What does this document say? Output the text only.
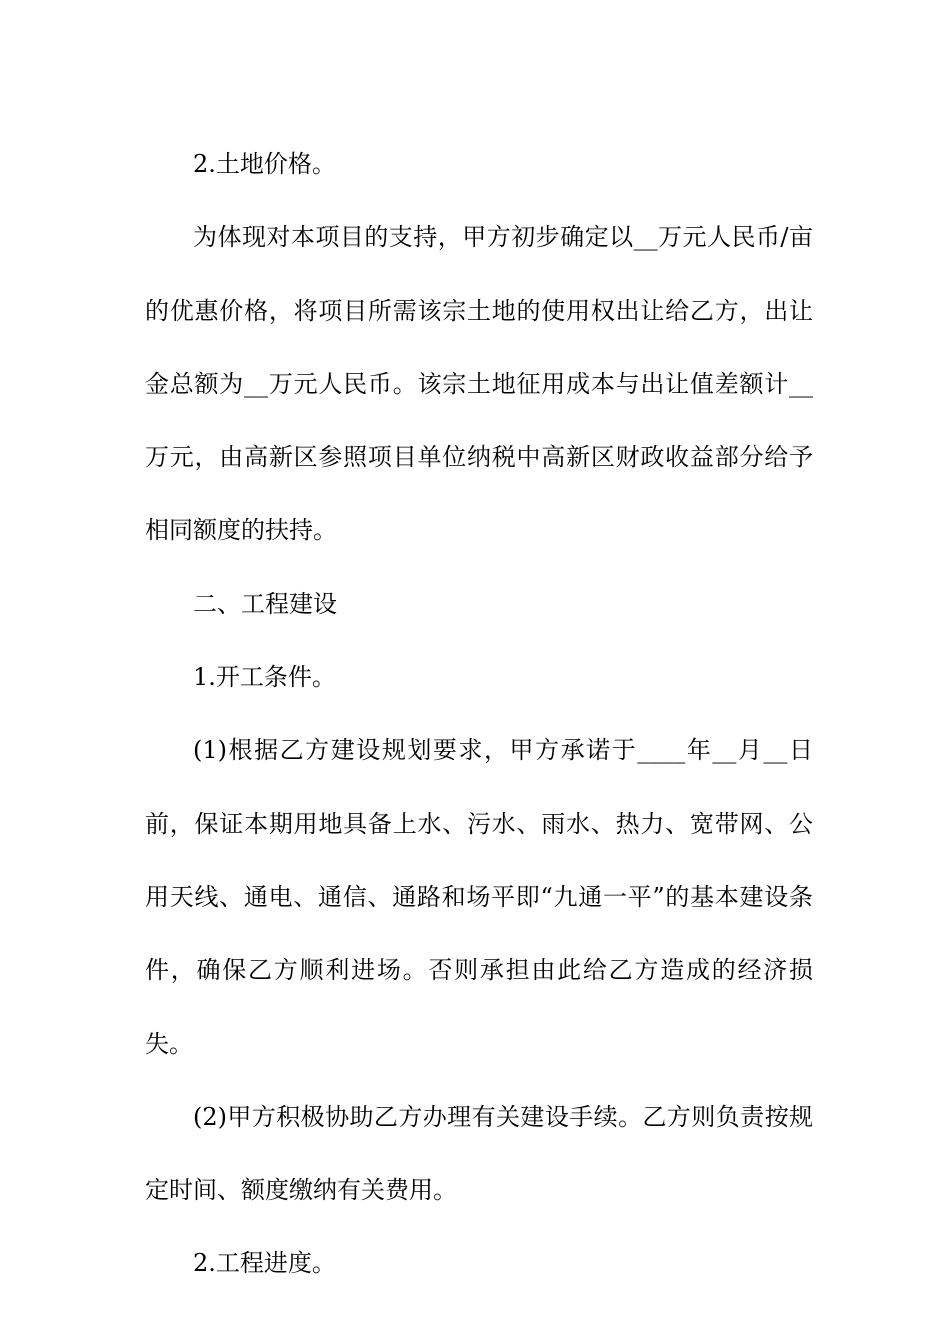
2.土地价格。

为体现对本项目的支持，甲方初步确定以__万元人民币/亩的优惠价格，将项目所需该宗土地的使用权出让给乙方，出让金总额为__万元人民币。该宗土地征用成本与出让值差额计__万元，由高新区参照项目单位纳税中高新区财政收益部分给予相同额度的扶持。

二、工程建设

1.开工条件。

(1)根据乙方建设规划要求，甲方承诺于____年__月__日前，保证本期用地具备上水、污水、雨水、热力、宽带网、公用天线、通电、通信、通路和场平即“九通一平”的基本建设条件，确保乙方顺利进场。否则承担由此给乙方造成的经济损失。

(2)甲方积极协助乙方办理有关建设手续。乙方则负责按规定时间、额度缴纳有关费用。

2.工程进度。
